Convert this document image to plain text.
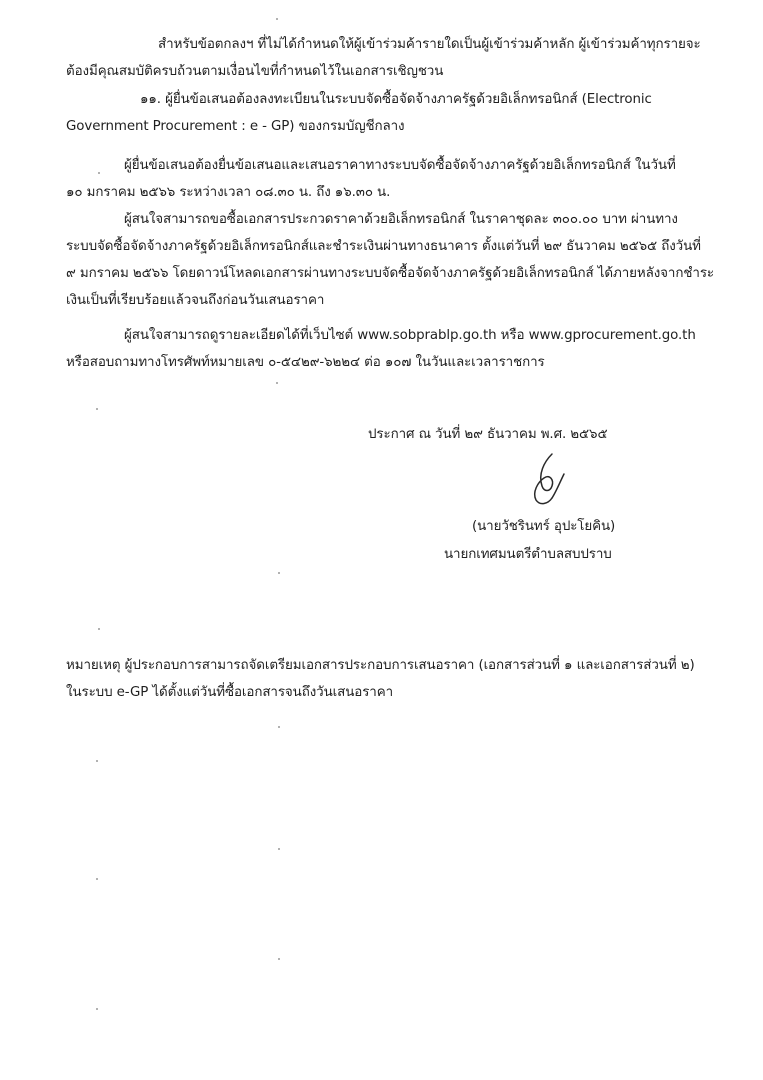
สำหรับข้อตกลงฯ ที่ไม่ได้กำหนดให้ผู้เข้าร่วมค้ารายใดเป็นผู้เข้าร่วมค้าหลัก ผู้เข้าร่วมค้าทุกรายจะ
ต้องมีคุณสมบัติครบถ้วนตามเงื่อนไขที่กำหนดไว้ในเอกสารเชิญชวน
๑๑. ผู้ยื่นข้อเสนอต้องลงทะเบียนในระบบจัดซื้อจัดจ้างภาครัฐด้วยอิเล็กทรอนิกส์ (Electronic
Government Procurement : e - GP) ของกรมบัญชีกลาง
ผู้ยื่นข้อเสนอต้องยื่นข้อเสนอและเสนอราคาทางระบบจัดซื้อจัดจ้างภาครัฐด้วยอิเล็กทรอนิกส์ ในวันที่
๑๐ มกราคม ๒๕๖๖ ระหว่างเวลา ๐๘.๓๐ น. ถึง ๑๖.๓๐ น.
ผู้สนใจสามารถขอซื้อเอกสารประกวดราคาด้วยอิเล็กทรอนิกส์ ในราคาชุดละ ๓๐๐.๐๐ บาท ผ่านทาง
ระบบจัดซื้อจัดจ้างภาครัฐด้วยอิเล็กทรอนิกส์และชำระเงินผ่านทางธนาคาร ตั้งแต่วันที่ ๒๙ ธันวาคม ๒๕๖๕ ถึงวันที่
๙ มกราคม ๒๕๖๖ โดยดาวน์โหลดเอกสารผ่านทางระบบจัดซื้อจัดจ้างภาครัฐด้วยอิเล็กทรอนิกส์ ได้ภายหลังจากชำระ
เงินเป็นที่เรียบร้อยแล้วจนถึงก่อนวันเสนอราคา
ผู้สนใจสามารถดูรายละเอียดได้ที่เว็บไซต์ www.sobprablp.go.th หรือ www.gprocurement.go.th
หรือสอบถามทางโทรศัพท์หมายเลข ๐-๕๔๒๙-๖๒๒๔ ต่อ ๑๐๗ ในวันและเวลาราชการ
ประกาศ ณ วันที่ ๒๙ ธันวาคม พ.ศ. ๒๕๖๕
(นายวัชรินทร์ อุปะโยคิน)
นายกเทศมนตรีตำบลสบปราบ
หมายเหตุ ผู้ประกอบการสามารถจัดเตรียมเอกสารประกอบการเสนอราคา (เอกสารส่วนที่ ๑ และเอกสารส่วนที่ ๒)
ในระบบ e-GP ได้ตั้งแต่วันที่ซื้อเอกสารจนถึงวันเสนอราคา
